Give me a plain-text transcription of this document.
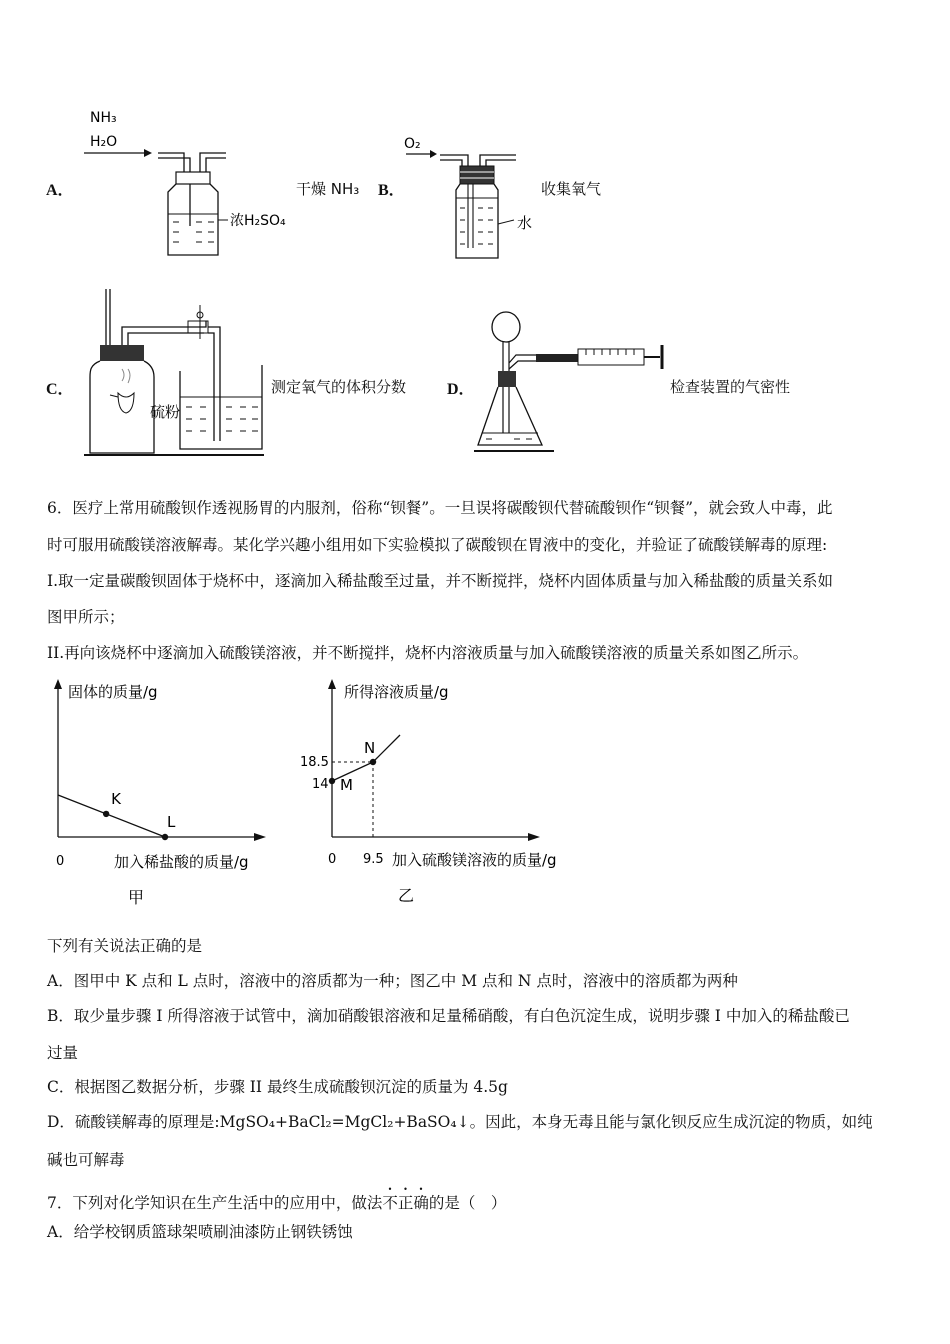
A．
NH₃
H₂O
浓H₂SO₄
干燥 NH₃ B．
O₂
水
收集氧气
C．
硫粉
测定氧气的体积分数	D．	检查装置的气密性
6．医疗上常用硫酸钡作透视肠胃的内服剂，俗称“钡餐”。一旦误将碳酸钡代替硫酸钡作“钡餐”，就会致人中毒，此
时可服用硫酸镁溶液解毒。某化学兴趣小组用如下实验模拟了碳酸钡在胃液中的变化，并验证了硫酸镁解毒的原理:
I.取一定量碳酸钡固体于烧杯中，逐滴加入稀盐酸至过量，并不断搅拌，烧杯内固体质量与加入稀盐酸的质量关系如
图甲所示；
II.再向该烧杯中逐滴加入硫酸镁溶液，并不断搅拌，烧杯内溶液质量与加入硫酸镁溶液的质量关系如图乙所示。
固体的质量/g
加入稀盐酸的质量/g
0
甲
K
L
所得溶液质量/g
加入硫酸镁溶液的质量/g
0
乙
18.5
14
9.5
M
N
下列有关说法正确的是
A．图甲中 K 点和 L 点时，溶液中的溶质都为一种；图乙中 M 点和 N 点时，溶液中的溶质都为两种
B．取少量步骤 I 所得溶液于试管中，滴加硝酸银溶液和足量稀硝酸，有白色沉淀生成，说明步骤 I 中加入的稀盐酸已
过量
C．根据图乙数据分析，步骤 II 最终生成硫酸钡沉淀的质量为 4.5g
D．硫酸镁解毒的原理是:MgSO₄+BaCl₂=MgCl₂+BaSO₄↓。因此，本身无毒且能与氯化钡反应生成沉淀的物质，如纯
碱也可解毒
7．下列对化学知识在生产生活中的应用中，做法不正确的是（　）
A．给学校钢质篮球架喷刷油漆防止钢铁锈蚀
